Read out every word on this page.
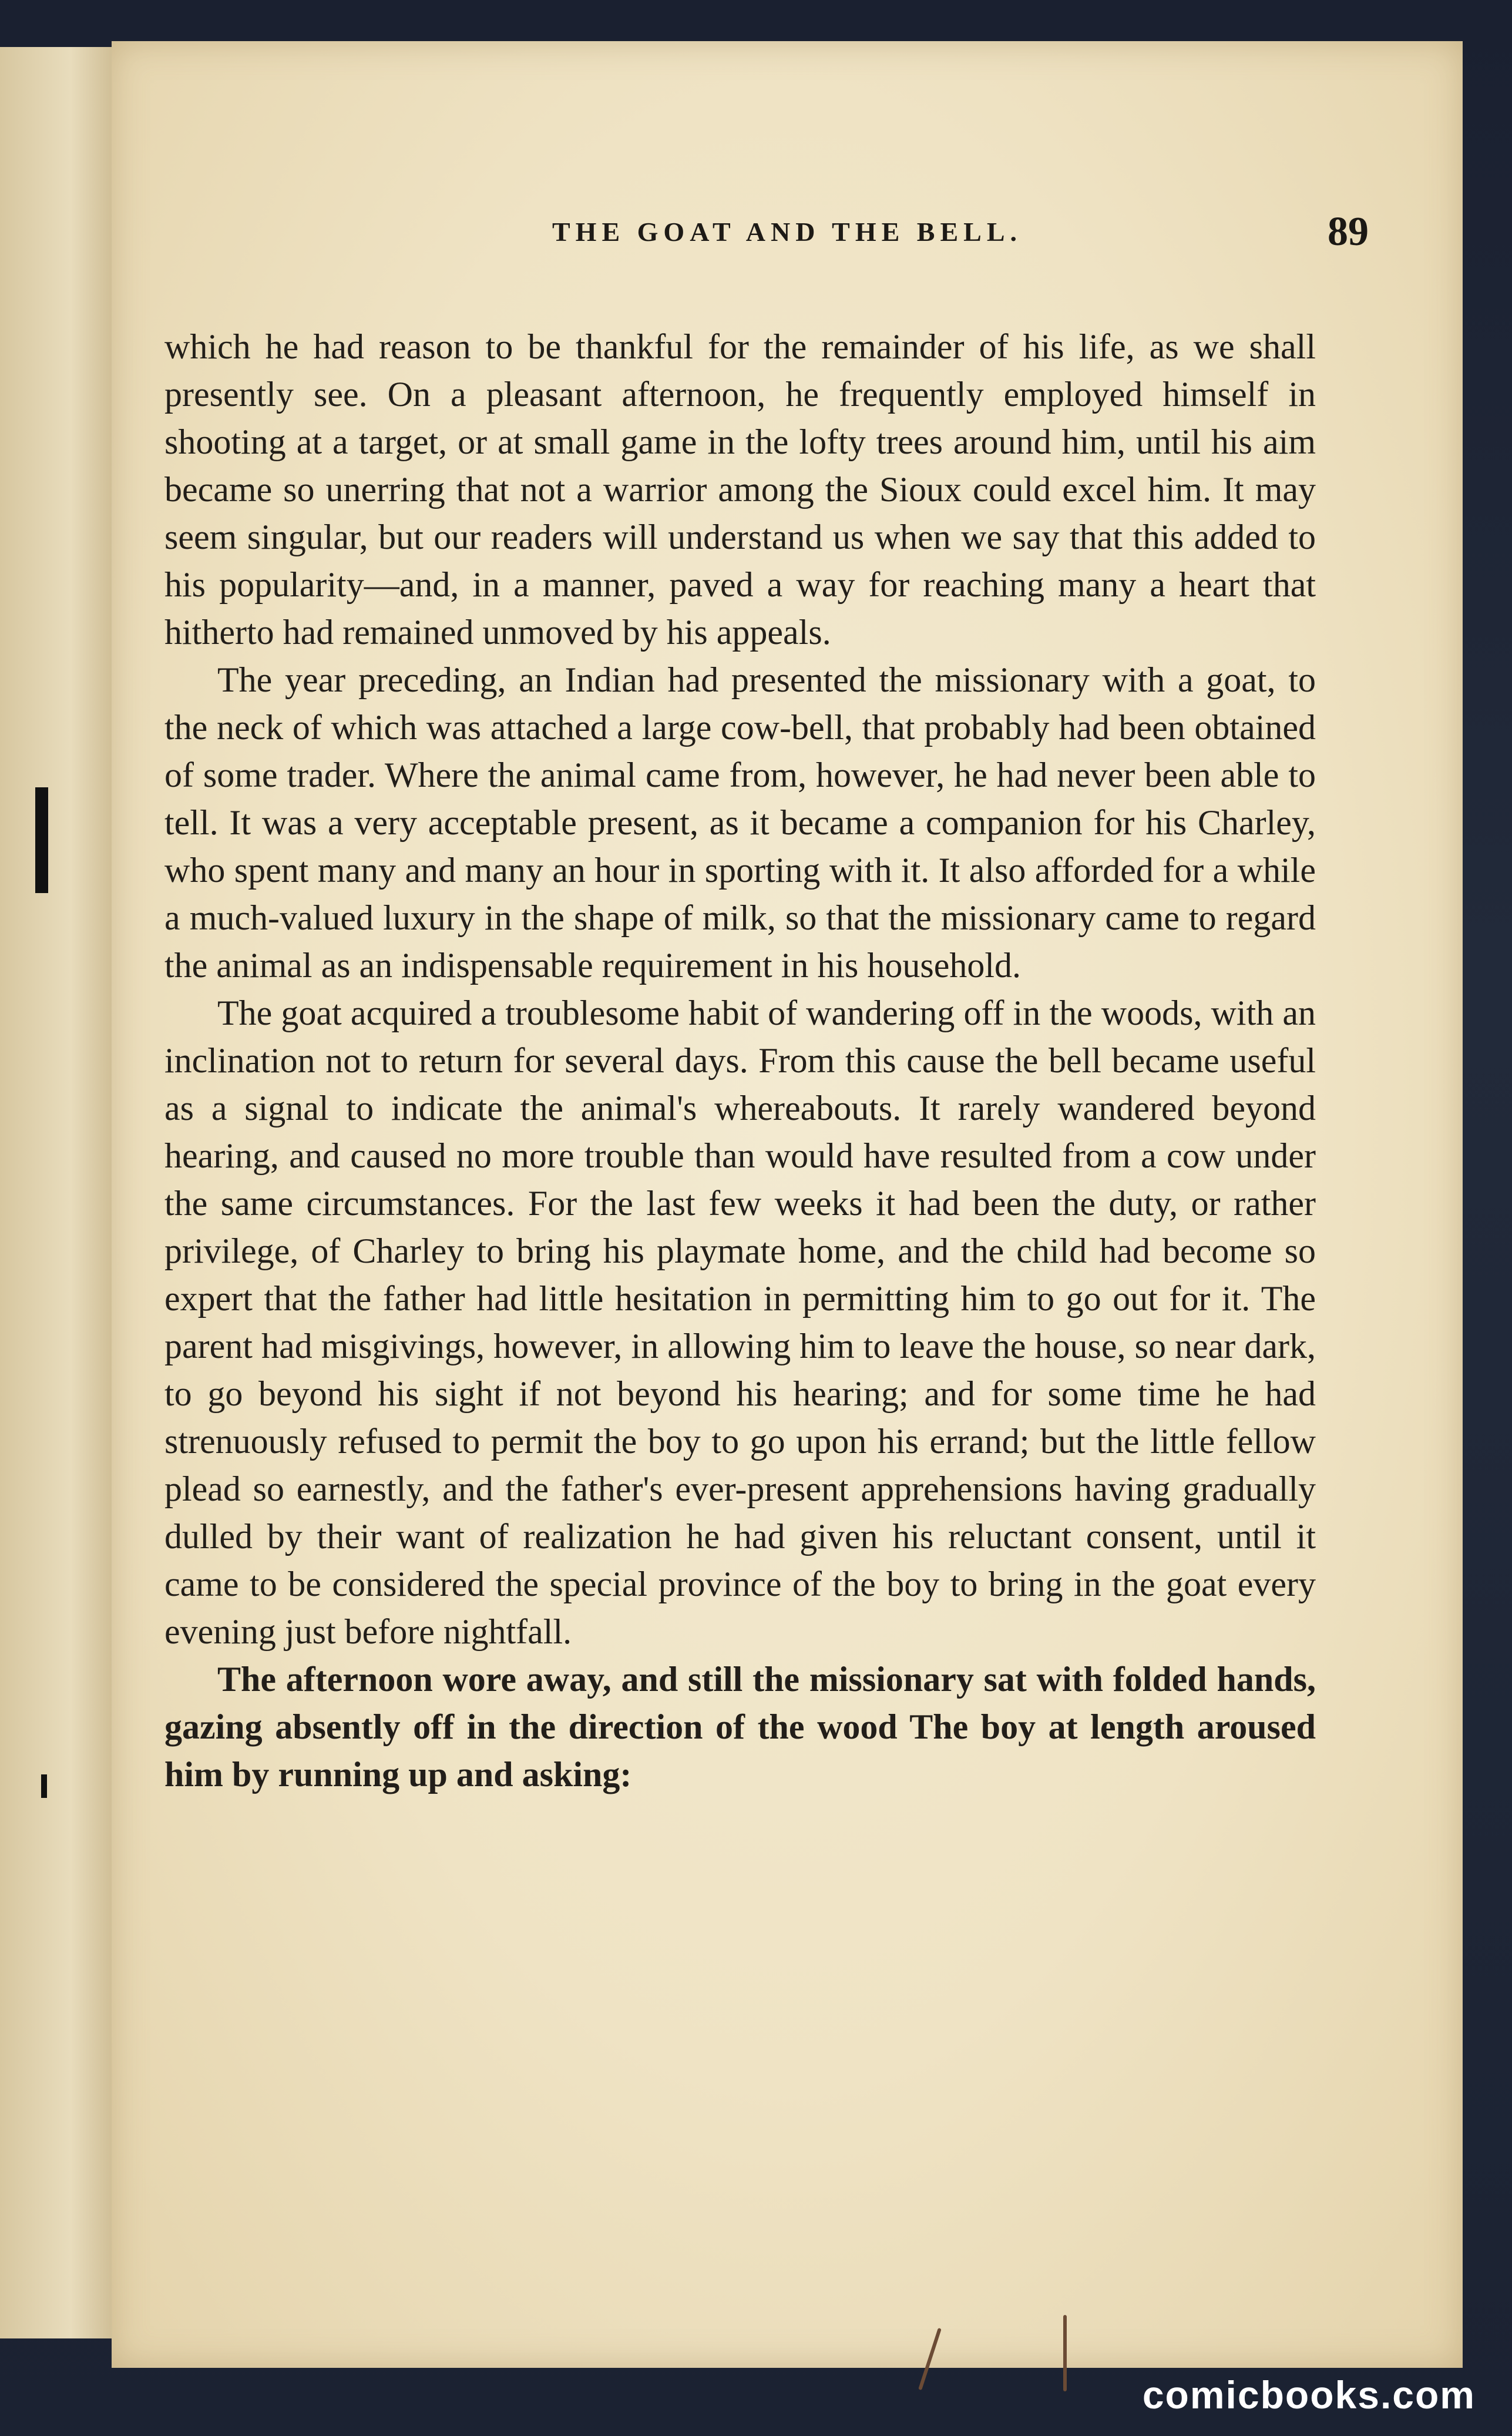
THE GOAT AND THE BELL.	89

which he had reason to be thankful for the remainder of his life, as we shall presently see. On a pleasant afternoon, he frequently employed himself in shooting at a target, or at small game in the lofty trees around him, until his aim became so unerring that not a warrior among the Sioux could excel him. It may seem singular, but our readers will understand us when we say that this added to his popularity—and, in a manner, paved a way for reaching many a heart that hitherto had remained unmoved by his appeals.

The year preceding, an Indian had presented the missionary with a goat, to the neck of which was attached a large cow-bell, that probably had been obtained of some trader. Where the animal came from, however, he had never been able to tell. It was a very acceptable present, as it became a companion for his Charley, who spent many and many an hour in sporting with it. It also afforded for a while a much-valued luxury in the shape of milk, so that the missionary came to regard the animal as an indispensable requirement in his household.

The goat acquired a troublesome habit of wandering off in the woods, with an inclination not to return for several days. From this cause the bell became useful as a signal to indicate the animal's whereabouts. It rarely wandered beyond hearing, and caused no more trouble than would have resulted from a cow under the same circumstances. For the last few weeks it had been the duty, or rather privilege, of Charley to bring his playmate home, and the child had become so expert that the father had little hesitation in permitting him to go out for it. The parent had misgivings, however, in allowing him to leave the house, so near dark, to go beyond his sight if not beyond his hearing; and for some time he had strenuously refused to permit the boy to go upon his errand; but the little fellow plead so earnestly, and the father's ever-present apprehensions having gradually dulled by their want of realization he had given his reluctant consent, until it came to be considered the special province of the boy to bring in the goat every evening just before nightfall.

The afternoon wore away, and still the missionary sat with folded hands, gazing absently off in the direction of the wood The boy at length aroused him by running up and asking:

comicbooks.com
